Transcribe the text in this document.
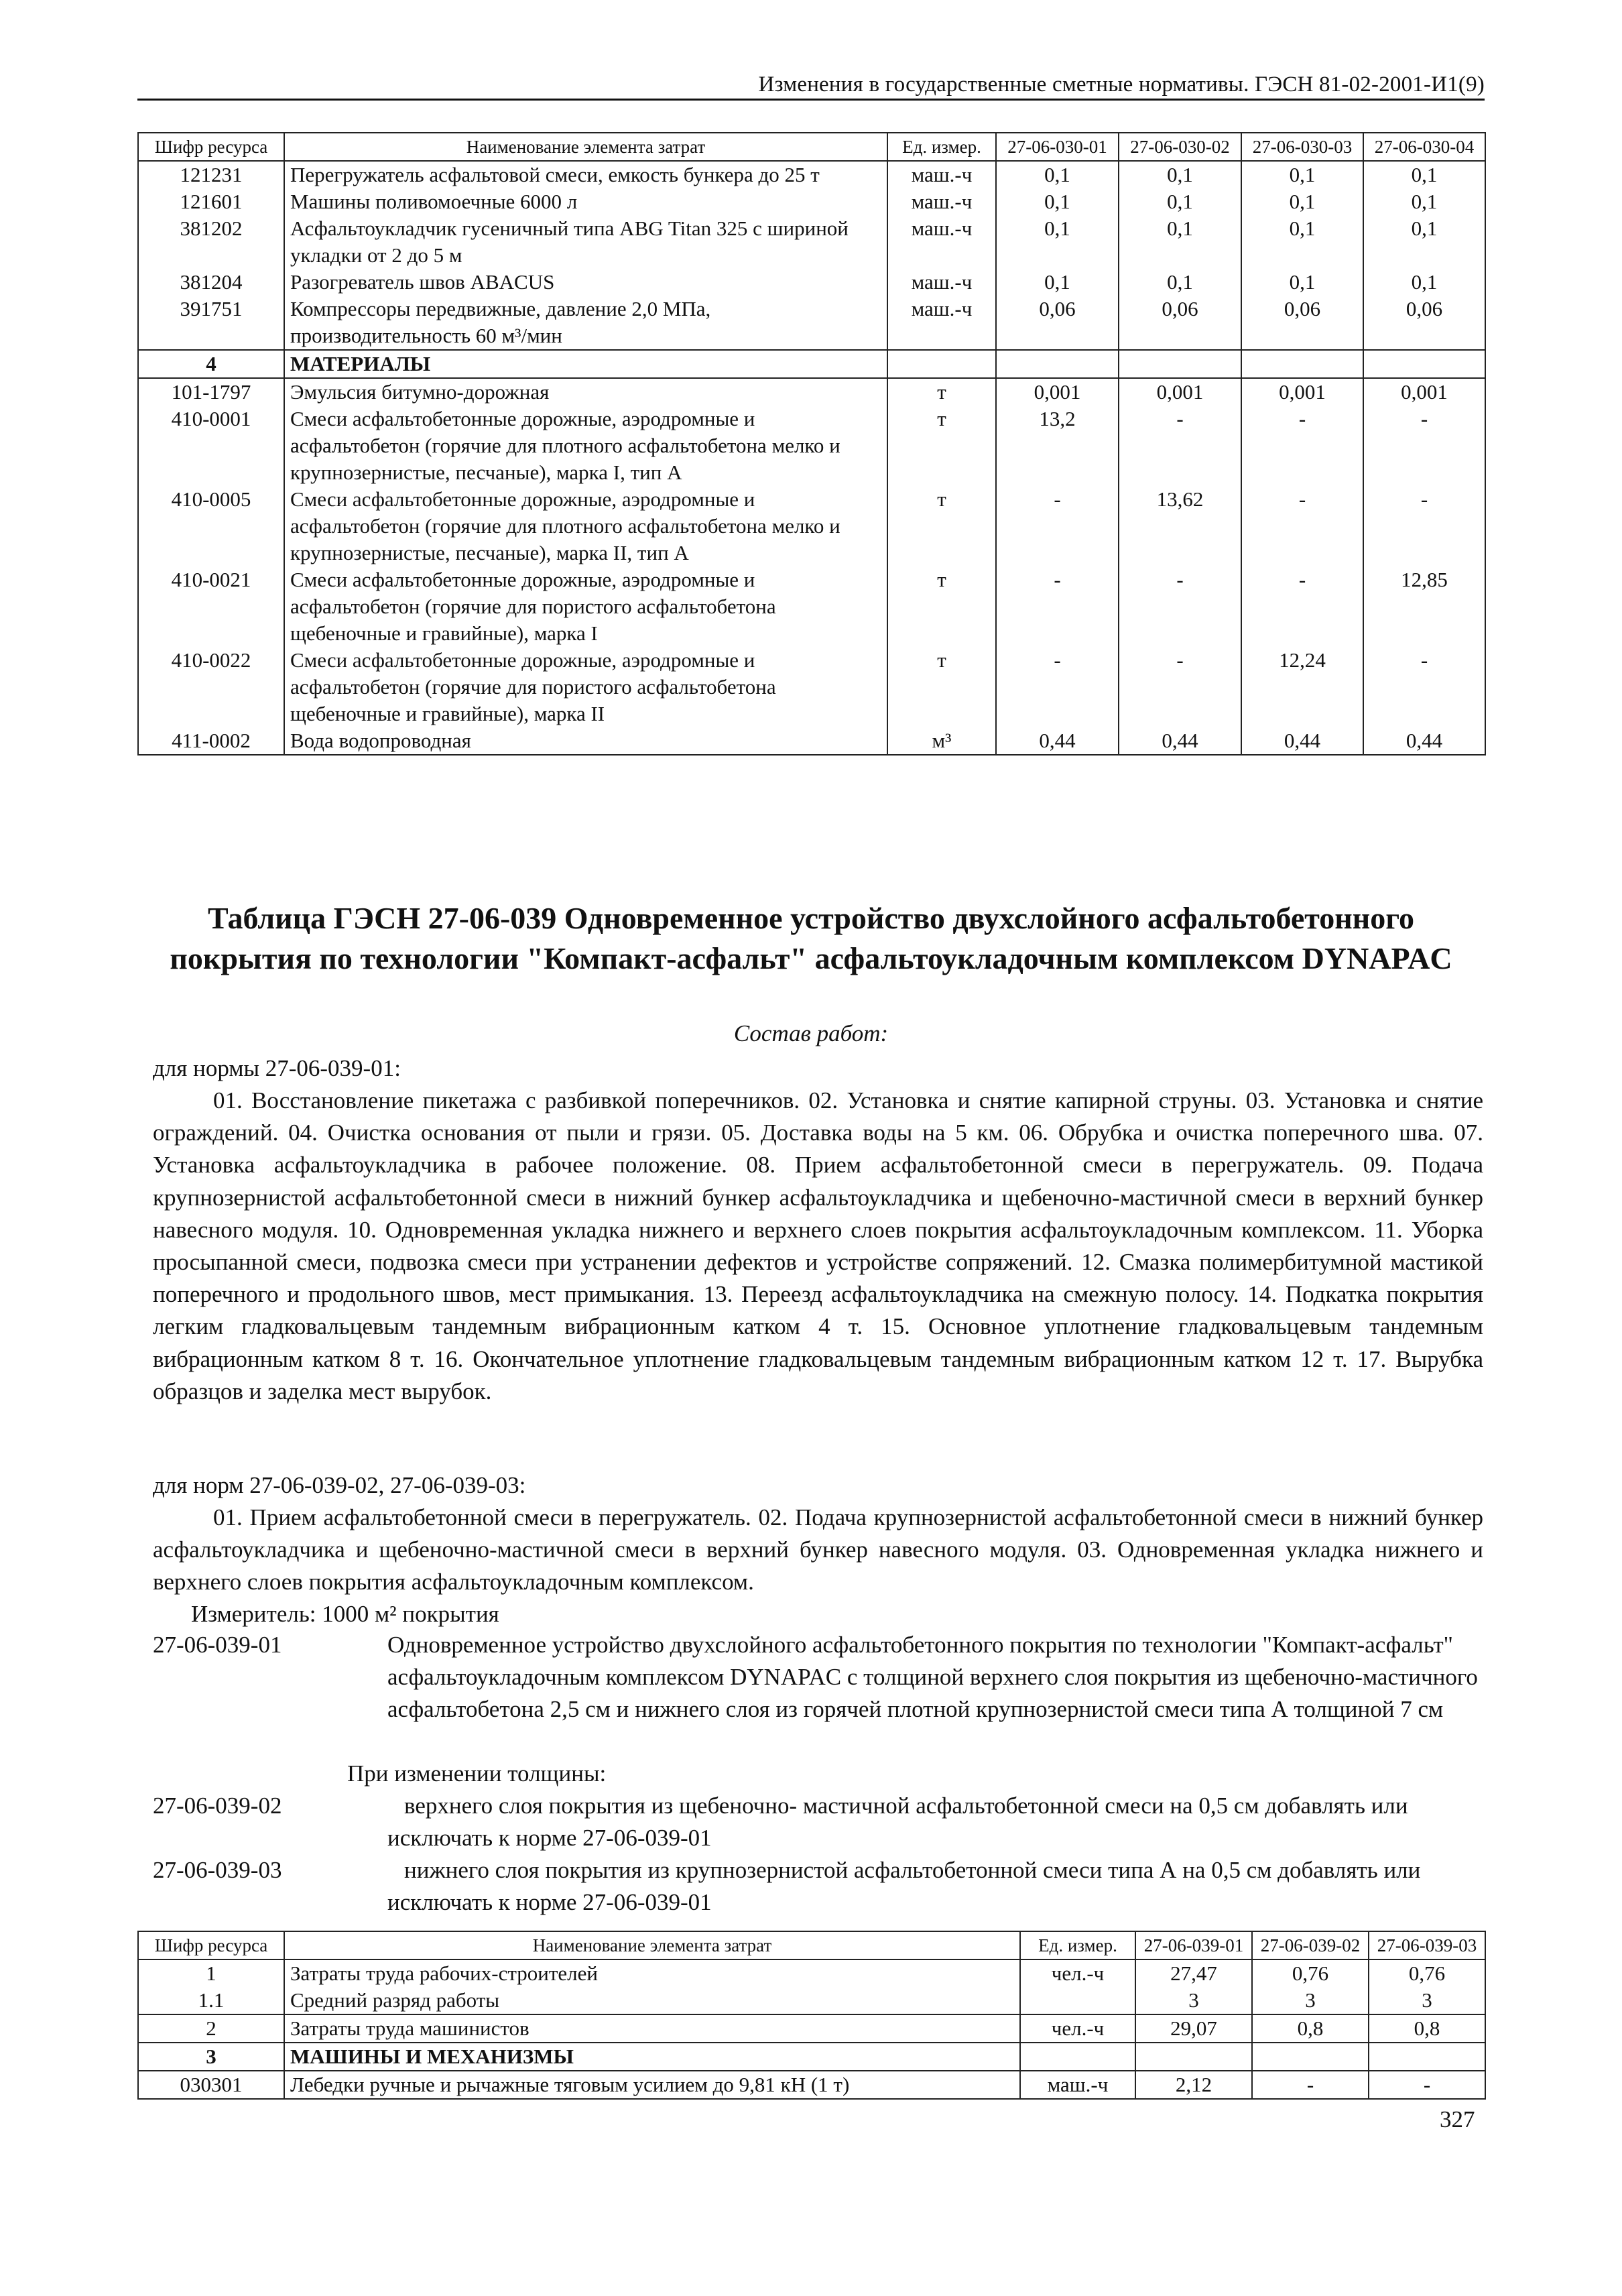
Изменения в государственные сметные нормативы. ГЭСН 81-02-2001-И1(9)
Шифр ресурса	Наименование элемента затрат	Ед. измер.	27-06-030-01	27-06-030-02	27-06-030-03	27-06-030-04
121231	Перегружатель асфальтовой смеси, емкость бункера до 25 т	маш.-ч	0,1	0,1	0,1	0,1
121601	Машины поливомоечные 6000 л	маш.-ч	0,1	0,1	0,1	0,1
381202	Асфальтоукладчик гусеничный типа ABG Titan 325 с шириной укладки от 2 до 5 м	маш.-ч	0,1	0,1	0,1	0,1
381204	Разогреватель швов ABACUS	маш.-ч	0,1	0,1	0,1	0,1
391751	Компрессоры передвижные, давление 2,0 МПа, производительность 60 м³/мин	маш.-ч	0,06	0,06	0,06	0,06
4	МАТЕРИАЛЫ					
101-1797	Эмульсия битумно-дорожная	т	0,001	0,001	0,001	0,001
410-0001	Смеси асфальтобетонные дорожные, аэродромные и асфальтобетон (горячие для плотного асфальтобетона мелко и крупнозернистые, песчаные), марка I, тип А	т	13,2	-	-	-
410-0005	Смеси асфальтобетонные дорожные, аэродромные и асфальтобетон (горячие для плотного асфальтобетона мелко и крупнозернистые, песчаные), марка II, тип А	т	-	13,62	-	-
410-0021	Смеси асфальтобетонные дорожные, аэродромные и асфальтобетон (горячие для пористого асфальтобетона щебеночные и гравийные), марка I	т	-	-	-	12,85
410-0022	Смеси асфальтобетонные дорожные, аэродромные и асфальтобетон (горячие для пористого асфальтобетона щебеночные и гравийные), марка II	т	-	-	12,24	-
411-0002	Вода водопроводная	м³	0,44	0,44	0,44	0,44
Таблица ГЭСН 27-06-039 Одновременное устройство двухслойного асфальтобетонного покрытия по технологии "Компакт-асфальт" асфальтоукладочным комплексом DYNAPAC
Состав работ:
для нормы 27-06-039-01:
01. Восстановление пикетажа с разбивкой поперечников. 02. Установка и снятие капирной струны. 03. Установка и снятие ограждений. 04. Очистка основания от пыли и грязи. 05. Доставка воды на 5 км. 06. Обрубка и очистка поперечного шва. 07. Установка асфальтоукладчика в рабочее положение. 08. Прием асфальтобетонной смеси в перегружатель. 09. Подача крупнозернистой асфальтобетонной смеси в нижний бункер асфальтоукладчика и щебеночно-мастичной смеси в верхний бункер навесного модуля. 10. Одновременная укладка нижнего и верхнего слоев покрытия асфальтоукладочным комплексом. 11. Уборка просыпанной смеси, подвозка смеси при устранении дефектов и устройстве сопряжений. 12. Смазка полимербитумной мастикой поперечного и продольного швов, мест примыкания. 13. Переезд асфальтоукладчика на смежную полосу. 14. Подкатка покрытия легким гладковальцевым тандемным вибрационным катком 4 т. 15. Основное уплотнение гладковальцевым тандемным вибрационным катком 8 т. 16. Окончательное уплотнение гладковальцевым тандемным вибрационным катком 12 т. 17. Вырубка образцов и заделка мест вырубок.
для норм 27-06-039-02, 27-06-039-03:
01. Прием асфальтобетонной смеси в перегружатель. 02. Подача крупнозернистой асфальтобетонной смеси в нижний бункер асфальтоукладчика и щебеночно-мастичной смеси в верхний бункер навесного модуля. 03. Одновременная укладка нижнего и верхнего слоев покрытия асфальтоукладочным комплексом.
Измеритель: 1000 м² покрытия
27-06-039-01	Одновременное устройство двухслойного асфальтобетонного покрытия по технологии "Компакт-асфальт" асфальтоукладочным комплексом DYNAPAC с толщиной верхнего слоя покрытия из щебеночно-мастичного асфальтобетона 2,5 см и нижнего слоя из горячей плотной крупнозернистой смеси типа А толщиной 7 см
При изменении толщины:
27-06-039-02	верхнего слоя покрытия из щебеночно- мастичной асфальтобетонной смеси на 0,5 см добавлять или исключать к норме 27-06-039-01
27-06-039-03	нижнего слоя покрытия из крупнозернистой асфальтобетонной смеси типа А на 0,5 см добавлять или исключать к норме 27-06-039-01
Шифр ресурса	Наименование элемента затрат	Ед. измер.	27-06-039-01	27-06-039-02	27-06-039-03
1	Затраты труда рабочих-строителей	чел.-ч	27,47	0,76	0,76
1.1	Средний разряд работы		3	3	3
2	Затраты труда машинистов	чел.-ч	29,07	0,8	0,8
3	МАШИНЫ И МЕХАНИЗМЫ				
030301	Лебедки ручные и рычажные тяговым усилием до 9,81 кН (1 т)	маш.-ч	2,12	-	-
327
